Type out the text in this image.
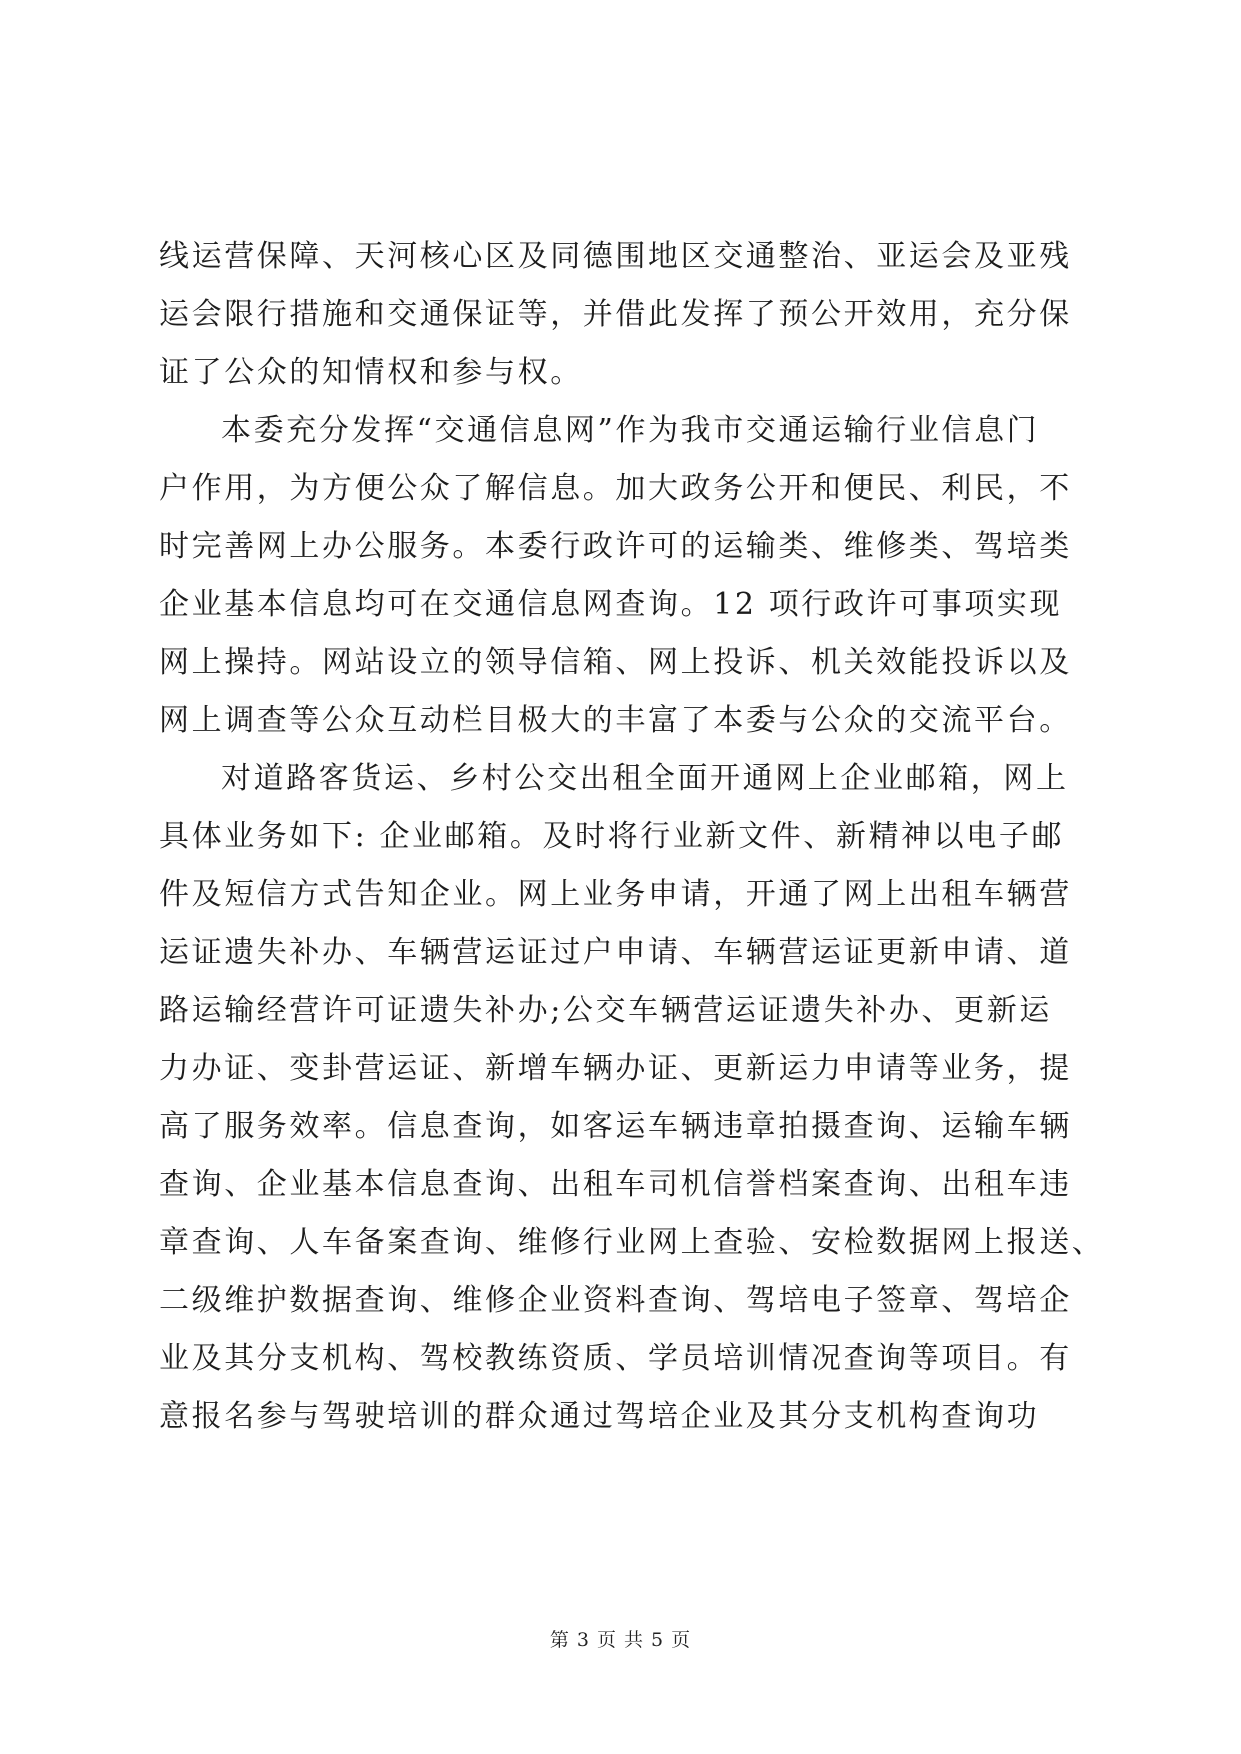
线运营保障、天河核心区及同德围地区交通整治、亚运会及亚残
运会限行措施和交通保证等，并借此发挥了预公开效用，充分保
证了公众的知情权和参与权。
本委充分发挥“交通信息网”作为我市交通运输行业信息门
户作用，为方便公众了解信息。加大政务公开和便民、利民，不
时完善网上办公服务。本委行政许可的运输类、维修类、驾培类
企业基本信息均可在交通信息网查询。12 项行政许可事项实现
网上操持。网站设立的领导信箱、网上投诉、机关效能投诉以及
网上调查等公众互动栏目极大的丰富了本委与公众的交流平台。
对道路客货运、乡村公交出租全面开通网上企业邮箱，网上
具体业务如下: 企业邮箱。及时将行业新文件、新精神以电子邮
件及短信方式告知企业。网上业务申请，开通了网上出租车辆营
运证遗失补办、车辆营运证过户申请、车辆营运证更新申请、道
路运输经营许可证遗失补办;公交车辆营运证遗失补办、更新运
力办证、变卦营运证、新增车辆办证、更新运力申请等业务，提
高了服务效率。信息查询，如客运车辆违章拍摄查询、运输车辆
查询、企业基本信息查询、出租车司机信誉档案查询、出租车违
章查询、人车备案查询、维修行业网上查验、安检数据网上报送、
二级维护数据查询、维修企业资料查询、驾培电子签章、驾培企
业及其分支机构、驾校教练资质、学员培训情况查询等项目。有
意报名参与驾驶培训的群众通过驾培企业及其分支机构查询功
第 3 页 共 5 页
